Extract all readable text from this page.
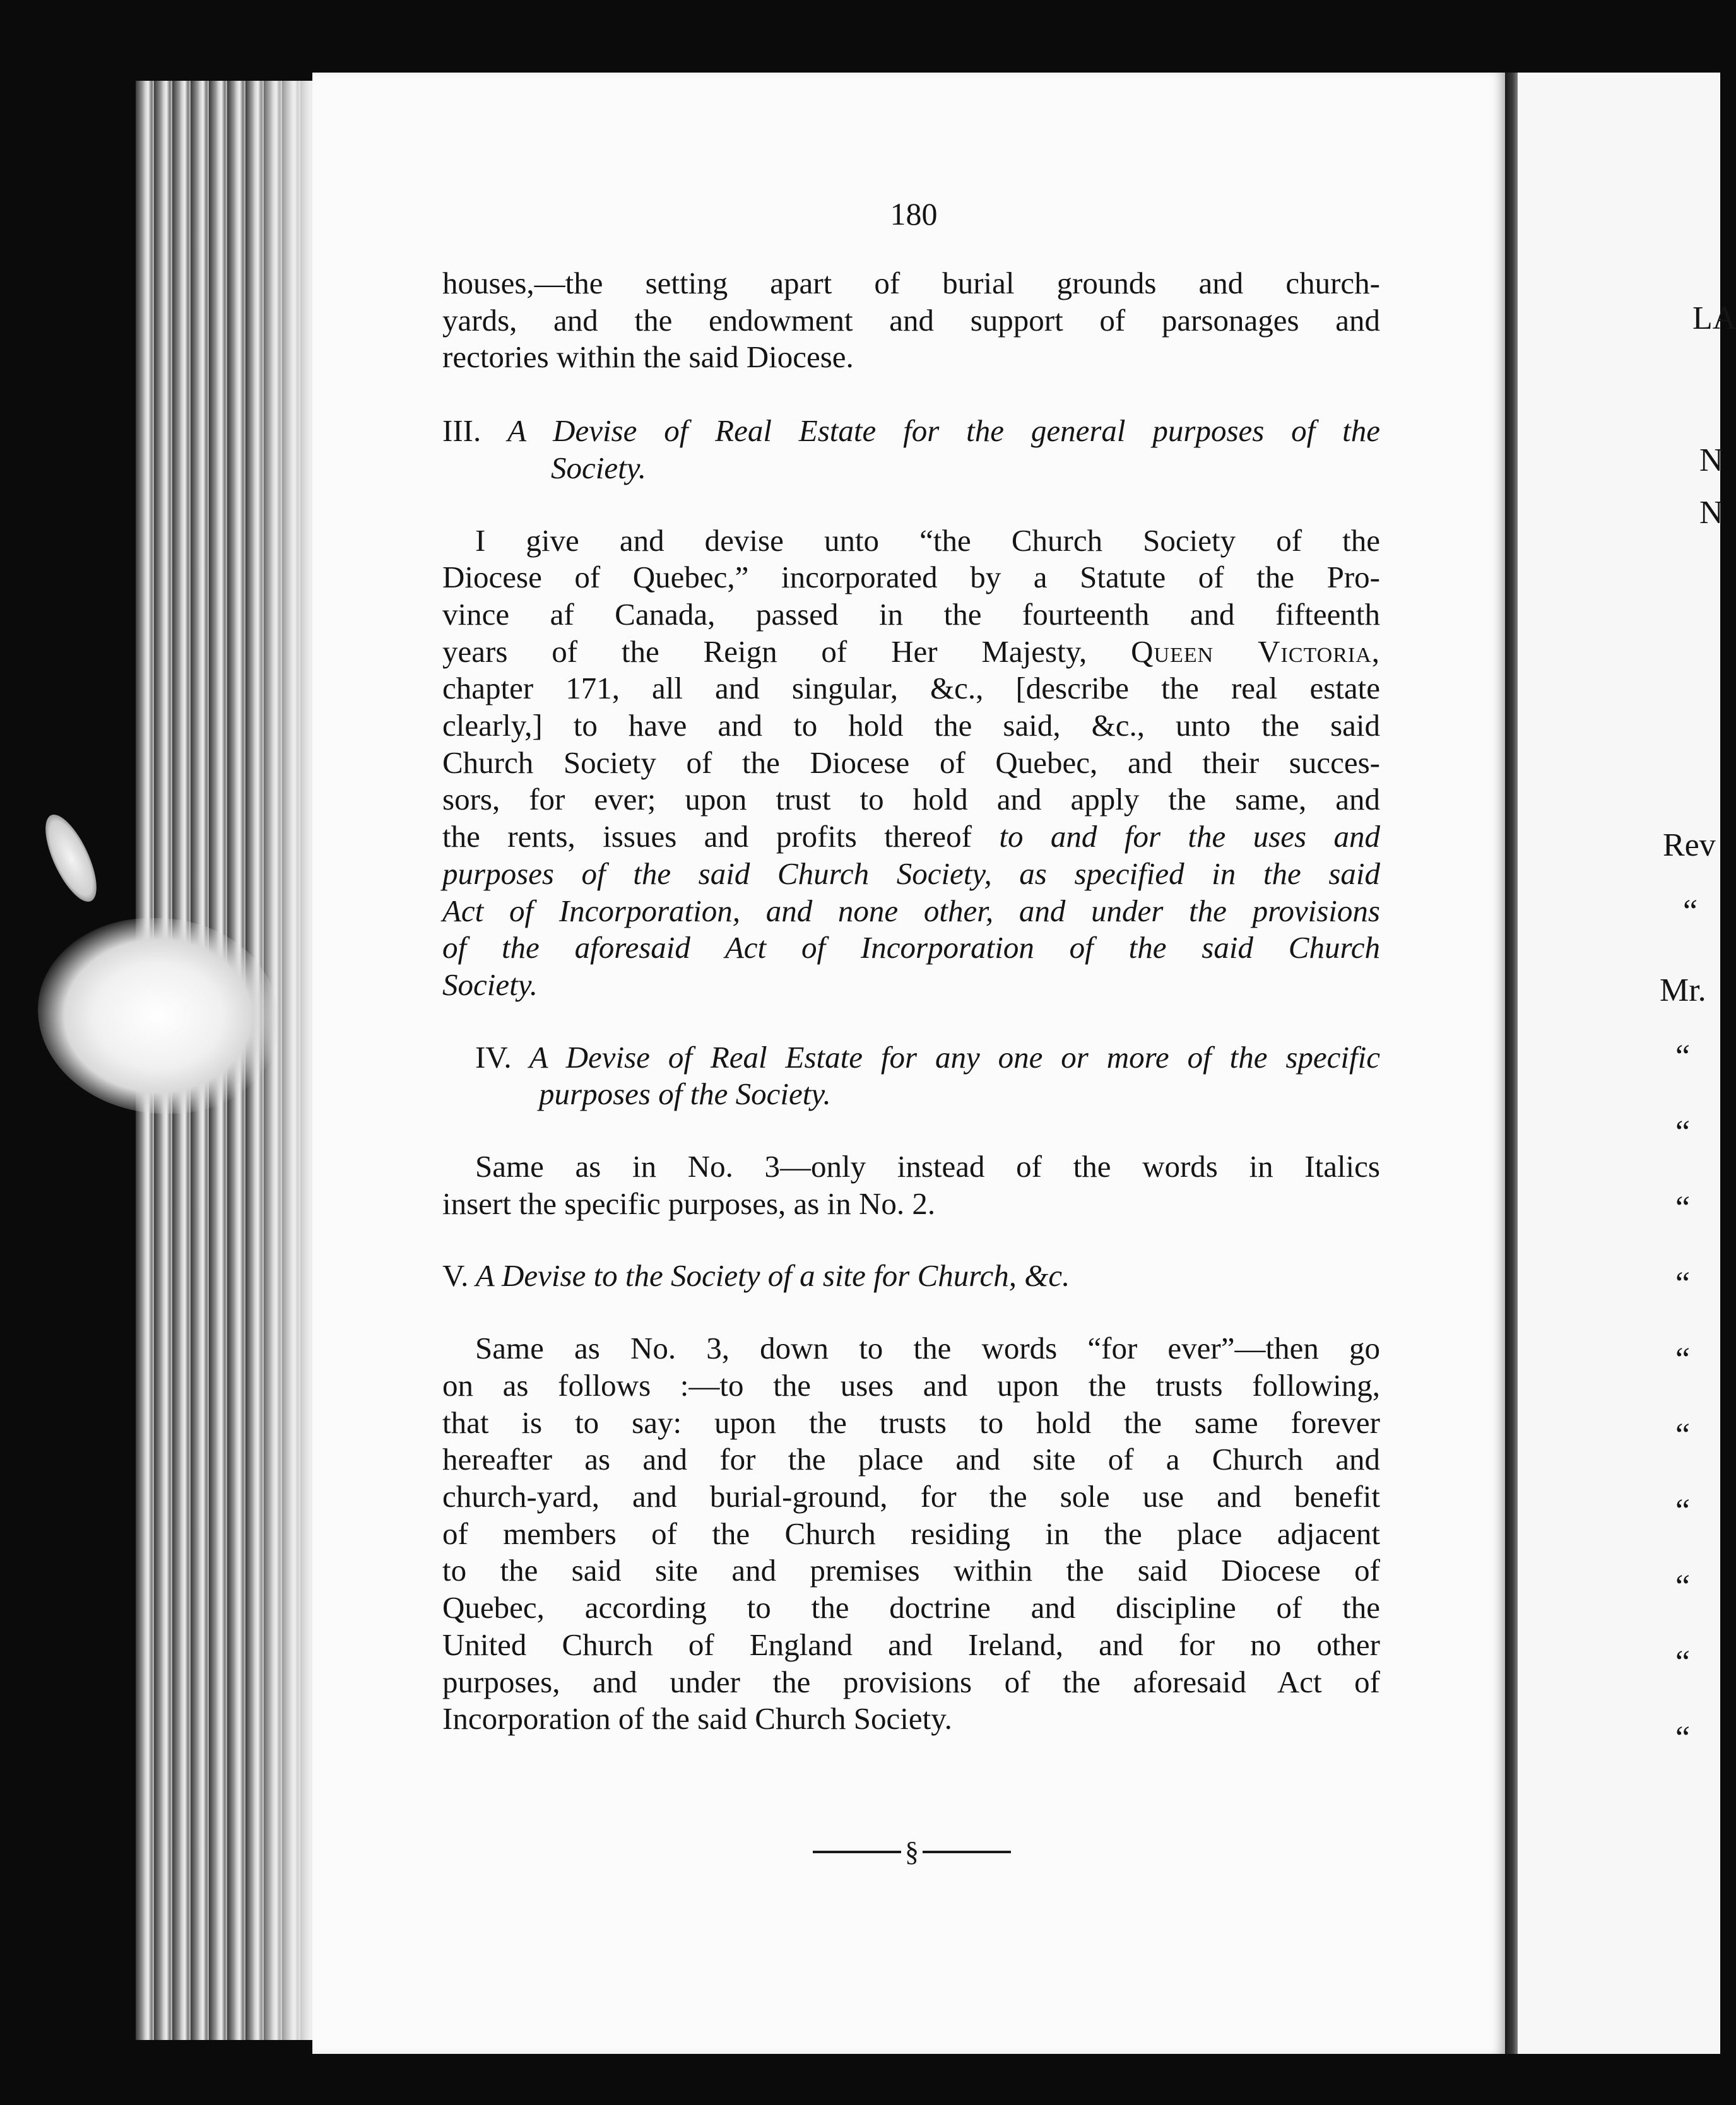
180
houses,—the setting apart of burial grounds and church-
yards, and the endowment and support of parsonages and
rectories within the said Diocese.
III. A Devise of Real Estate for the general purposes of the
Society.
I give and devise unto “the Church Society of the
Diocese of Quebec,” incorporated by a Statute of the Pro-
vince af Canada, passed in the fourteenth and fifteenth
years of the Reign of Her Majesty, Queen Victoria,
chapter 171, all and singular, &c., [describe the real estate
clearly,] to have and to hold the said, &c., unto the said
Church Society of the Diocese of Quebec, and their succes-
sors, for ever; upon trust to hold and apply the same, and
the rents, issues and profits thereof to and for the uses and
purposes of the said Church Society, as specified in the said
Act of Incorporation, and none other, and under the provisions
of the aforesaid Act of Incorporation of the said Church
Society.
IV. A Devise of Real Estate for any one or more of the specific
purposes of the Society.
Same as in No. 3—only instead of the words in Italics
insert the specific purposes, as in No. 2.
V. A Devise to the Society of a site for Church, &c.
Same as No. 3, down to the words “for ever”—then go
on as follows :—to the uses and upon the trusts following,
that is to say: upon the trusts to hold the same forever
hereafter as and for the place and site of a Church and
church-yard, and burial-ground, for the sole use and benefit
of members of the Church residing in the place adjacent
to the said site and premises within the said Diocese of
Quebec, according to the doctrine and discipline of the
United Church of England and Ireland, and for no other
purposes, and under the provisions of the aforesaid Act of
Incorporation of the said Church Society.
§
LA
N
N
Rev
“
Mr.
“
“
“
“
“
“
“
“
“
“
